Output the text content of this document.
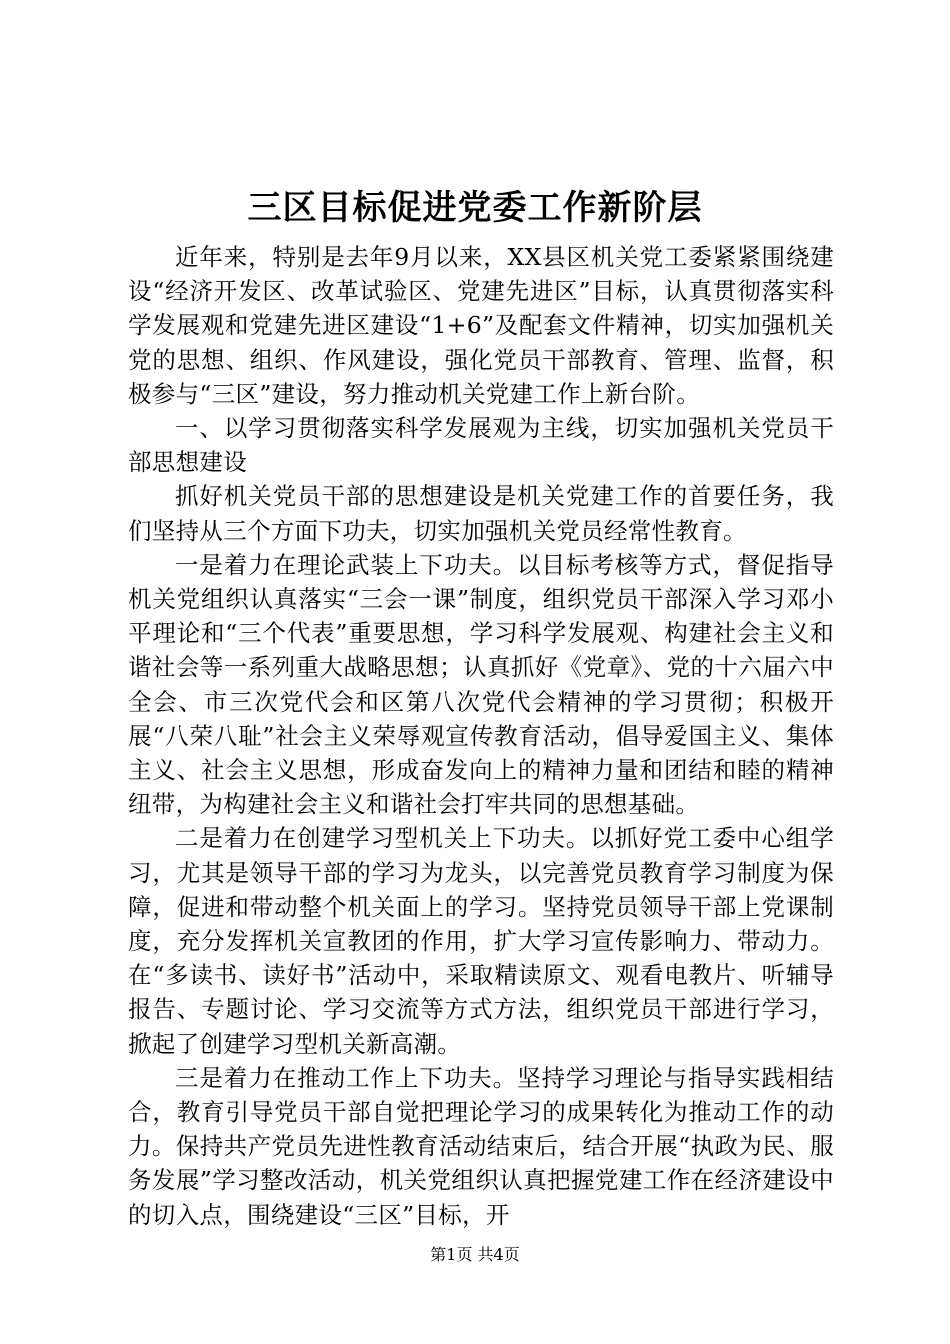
三区目标促进党委工作新阶层

近年来，特别是去年9月以来，XX县区机关党工委紧紧围绕建设“经济开发区、改革试验区、党建先进区”目标，认真贯彻落实科学发展观和党建先进区建设“1+6”及配套文件精神，切实加强机关党的思想、组织、作风建设，强化党员干部教育、管理、监督，积极参与“三区”建设，努力推动机关党建工作上新台阶。

一、以学习贯彻落实科学发展观为主线，切实加强机关党员干部思想建设

抓好机关党员干部的思想建设是机关党建工作的首要任务，我们坚持从三个方面下功夫，切实加强机关党员经常性教育。

一是着力在理论武装上下功夫。以目标考核等方式，督促指导机关党组织认真落实“三会一课”制度，组织党员干部深入学习邓小平理论和“三个代表”重要思想，学习科学发展观、构建社会主义和谐社会等一系列重大战略思想；认真抓好《党章》、党的十六届六中全会、市三次党代会和区第八次党代会精神的学习贯彻；积极开展“八荣八耻”社会主义荣辱观宣传教育活动，倡导爱国主义、集体主义、社会主义思想，形成奋发向上的精神力量和团结和睦的精神纽带，为构建社会主义和谐社会打牢共同的思想基础。

二是着力在创建学习型机关上下功夫。以抓好党工委中心组学习，尤其是领导干部的学习为龙头，以完善党员教育学习制度为保障，促进和带动整个机关面上的学习。坚持党员领导干部上党课制度，充分发挥机关宣教团的作用，扩大学习宣传影响力、带动力。在“多读书、读好书”活动中，采取精读原文、观看电教片、听辅导报告、专题讨论、学习交流等方式方法，组织党员干部进行学习，掀起了创建学习型机关新高潮。

三是着力在推动工作上下功夫。坚持学习理论与指导实践相结合，教育引导党员干部自觉把理论学习的成果转化为推动工作的动力。保持共产党员先进性教育活动结束后，结合开展“执政为民、服务发展”学习整改活动，机关党组织认真把握党建工作在经济建设中的切入点，围绕建设“三区”目标，开

第1页 共4页
